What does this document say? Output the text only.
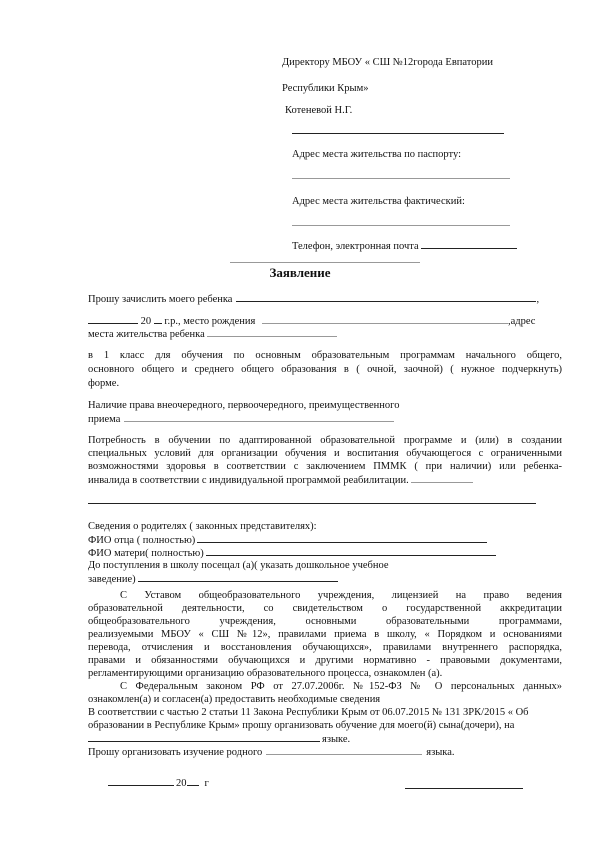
Директору МБОУ « СШ №12города Евпатории
Республики Крым»
Котеневой Н.Г.
Адрес места жительства по паспорту:
Адрес места жительства фактический:
Телефон, электронная почта
Заявление
Прошу зачислить моего ребенка	,
20 г.р., место рождения	,адрес
места жительства ребенка
в 1 класс для обучения по основным образовательным программам начального общего,
основного общего и среднего общего образования в ( очной, заочной) ( нужное подчеркнуть)
форме.
Наличие права внеочередного, первоочередного, преимущественного
приема
Потребность в обучении по адаптированной образовательной программе и (или) в создании
специальных условий для организации обучения и воспитания обучающегося с ограниченными
возможностями здоровья в соответствии с заключением ПММК ( при наличии) или ребенка-
инвалида в соответствии с индивидуальной программой реабилитации.
Сведения о родителях ( законных представителях):
ФИО отца ( полностью)
ФИО матери( полностью)
До поступления в школу посещал (а)( указать дошкольное учебное
заведение)
С Уставом общеобразовательного учреждения, лицензией на право ведения
образовательной деятельности, со свидетельством о государственной аккредитации
общеобразовательного учреждения, основными образовательными программами,
реализуемыми МБОУ « СШ №12», правилами приема в школу, « Порядком и основаниями
перевода, отчисления и восстановления обучающихся», правилами внутреннего распорядка,
правами и обязанностями обучающихся и другими нормативно - правовыми документами,
регламентирующими организацию образовательного процесса, ознакомлен (а).
С Федеральным законом РФ от 27.07.2006г. №152-ФЗ № О персональных данных»
ознакомлен(а) и согласен(а) предоставить необходимые сведения
В соответствии с частью 2 статьи 11 Закона Республики Крым от 06.07.2015 № 131 ЗРК/2015 « Об
образовании в Республике Крым» прошу организовать обучение для моего(й) сына(дочери), на
языке.
Прошу организовать изучение родного	языка.
20 г
